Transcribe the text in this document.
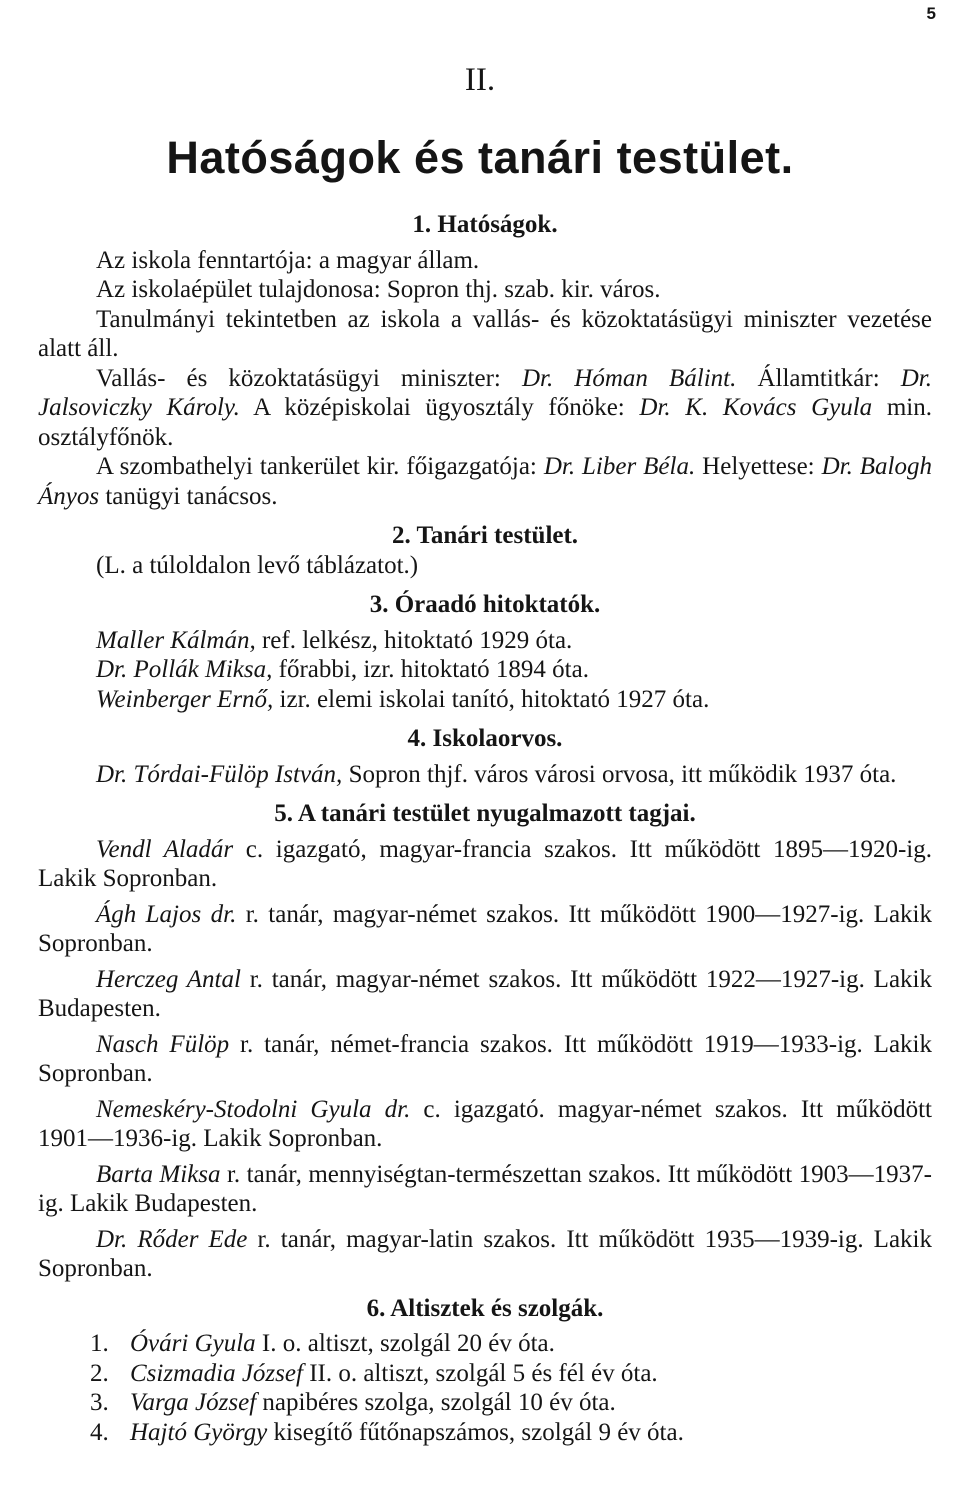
5
II.
Hatóságok és tanári testület.
1. Hatóságok.

Az iskola fenntartója: a magyar állam.

Az iskolaépület tulajdonosa: Sopron thj. szab. kir. város.

Tanulmányi tekintetben az iskola a vallás- és közoktatásügyi miniszter vezetése alatt áll.

Vallás- és közoktatásügyi miniszter: Dr. Hóman Bálint. Államtitkár: Dr. Jalsoviczky Károly. A középiskolai ügyosztály főnöke: Dr. K. Kovács Gyula min. osztályfőnök.

A szombathelyi tankerület kir. főigazgatója: Dr. Liber Béla. Helyettese: Dr. Balogh Ányos tanügyi tanácsos.

2. Tanári testület.

(L. a túloldalon levő táblázatot.)

3. Óraadó hitoktatók.

Maller Kálmán, ref. lelkész, hitoktató 1929 óta.

Dr. Pollák Miksa, főrabbi, izr. hitoktató 1894 óta.

Weinberger Ernő, izr. elemi iskolai tanító, hitoktató 1927 óta.

4. Iskolaorvos.

Dr. Tórdai-Fülöp István, Sopron thjf. város városi orvosa, itt működik 1937 óta.

5. A tanári testület nyugalmazott tagjai.

Vendl Aladár c. igazgató, magyar-francia szakos. Itt működött 1895—1920-ig. Lakik Sopronban.

Ágh Lajos dr. r. tanár, magyar-német szakos. Itt működött 1900—1927-ig. Lakik Sopronban.

Herczeg Antal r. tanár, magyar-német szakos. Itt működött 1922—1927-ig. Lakik Budapesten.

Nasch Fülöp r. tanár, német-francia szakos. Itt működött 1919—1933-ig. Lakik Sopronban.

Nemeskéry-Stodolni Gyula dr. c. igazgató. magyar-német szakos. Itt működött 1901—1936-ig. Lakik Sopronban.

Barta Miksa r. tanár, mennyiségtan-természettan szakos. Itt működött 1903—1937-ig. Lakik Budapesten.

Dr. Rőder Ede r. tanár, magyar-latin szakos. Itt működött 1935—1939-ig. Lakik Sopronban.

6. Altisztek és szolgák.
1. Óvári Gyula I. o. altiszt, szolgál 20 év óta.
2. Csizmadia József II. o. altiszt, szolgál 5 és fél év óta.
3. Varga József napibéres szolga, szolgál 10 év óta.
4. Hajtó György kisegítő fűtőnapszámos, szolgál 9 év óta.
